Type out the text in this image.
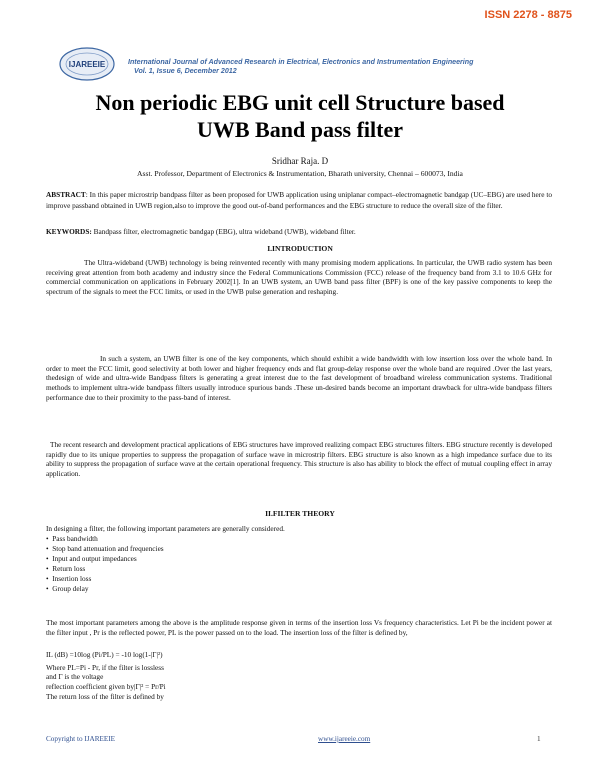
ISSN 2278 - 8875
IJAREEIE	International Journal of Advanced Research in Electrical, Electronics and Instrumentation Engineering
Vol. 1, Issue 6, December 2012
Non periodic EBG unit cell Structure based
UWB Band pass filter
Sridhar Raja. D
Asst. Professor, Department of Electronics & Instrumentation, Bharath university, Chennai – 600073, India

ABSTRACT: In this paper microstrip bandpass filter as been proposed for UWB application using uniplanar compact–electromagnetic bandgap (UC–EBG) are used here to improve passband obtained in UWB region,also to improve the good out-of-band performances and the EBG structure to reduce the overall size of the filter.

KEYWORDS: Bandpass filter, electromagnetic bandgap (EBG), ultra wideband (UWB), wideband filter.

I.INTRODUCTION

The Ultra-wideband (UWB) technology is being reinvented recently with many promising modern applications. In particular, the UWB radio system has been receiving great attention from both academy and industry since the Federal Communications Commission (FCC) release of the frequency band from 3.1 to 10.6 GHz for commercial communication on applications in February 2002[1]. In an UWB system, an UWB band pass filter (BPF) is one of the key passive components to keep the spectrum of the signals to meet the FCC limits, or used in the UWB pulse generation and reshaping.

In such a system, an UWB filter is one of the key components, which should exhibit a wide bandwidth with low insertion loss over the whole band. In order to meet the FCC limit, good selectivity at both lower and higher frequency ends and flat group-delay response over the whole band are required .Over the last years, thedesign of wide and ultra-wide Bandpass filters is generating a great interest due to the fast development of broadband wireless communication systems. Traditional methods to implement ultra-wide bandpass filters usually introduce spurious bands .These un-desired bands become an important drawback for ultra-wide bandpass filters performance due to their proximity to the pass-band of interest.

The recent research and development practical applications of EBG structures have improved realizing compact EBG structures filters. EBG structure recently is developed rapidly due to its unique properties to suppress the propagation of surface wave in microstrip filters. EBG structure is also known as a high impedance surface due to its ability to suppress the propagation of surface wave at the certain operational frequency. This structure is also has ability to block the effect of mutual coupling effect in array application.

II.FILTER THEORY

In designing a filter, the following important parameters are generally considered.

•  Pass bandwidth
•  Stop band attenuation and frequencies
•  Input and output impedances
•  Return loss
•  Insertion loss
•  Group delay

The most important parameters among the above is the amplitude response given in terms of the insertion loss Vs frequency characteristics. Let Pi be the incident power at the filter input , Pr is the reflected power, PL is the power passed on to the load. The insertion loss of the filter is defined by,

IL (dB) =10log (Pi/PL) = -10 log(1-|Γ|²)
Where PL=Pi - Pr, if the filter is lossless
and Γ is the voltage
reflection coefficient given by|Γ|² = Pr/Pi
The return loss of the filter is defined by
Copyright to IJAREEIE	www.ijareeie.com	1
